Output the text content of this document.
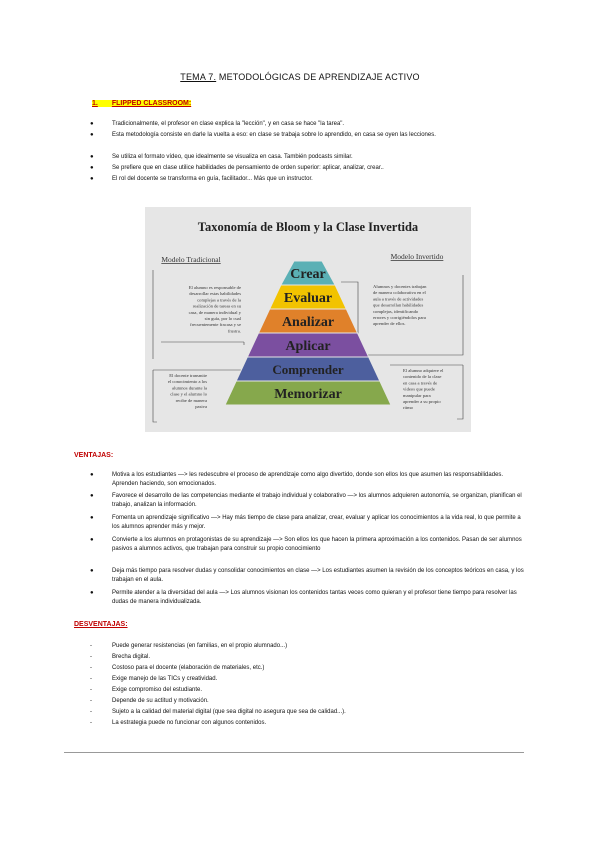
TEMA 7. METODOLÓGICAS DE APRENDIZAJE ACTIVO
1. FLIPPED CLASSROOM:
●	Tradicionalmente, el profesor en clase explica la "lección", y en casa se hace "la tarea".
●	Esta metodología consiste en darle la vuelta a eso: en clase se trabaja sobre lo aprendido, en casa se oyen las lecciones.
●	Se utiliza el formato vídeo, que idealmente se visualiza en casa. También podcasts similar.
●	Se prefiere que en clase utilice habilidades de pensamiento de orden superior: aplicar, analizar, crear..
●	El rol del docente se transforma en guía, facilitador... Más que un instructor.
Taxonomía de Bloom y la Clase Invertida
Modelo Tradicional	Modelo Invertido
El alumno es responsable de
desarrollar estas habilidades
complejas a través de la
realización de tareas en su
casa, de manera individual y
sin guía, por lo cual
frecuentemente fracasa y se
frustra.
El docente transmite
el conocimiento a los
alumnos durante la
clase y el alumno lo
recibe de manera
pasiva
Alumnos y docentes trabajan
de manera colaborativa en el
aula a través de actividades
que desarrollan habilidades
complejas, identificando
errores y corrigiéndolos para
aprender de ellos.
El alumno adquiere el
contenido de la clase
en casa a través de
videos que puede
manipular para
aprender a su propio
ritmo
Crear
Evaluar
Analizar
Aplicar
Comprender
Memorizar
VENTAJAS:
●	Motiva a los estudiantes —> les redescubre el proceso de aprendizaje como algo divertido, donde son ellos los que asumen las responsabilidades. Aprenden haciendo, son emocionados.
●	Favorece el desarrollo de las competencias mediante el trabajo individual y colaborativo —> los alumnos adquieren autonomía, se organizan, planifican el trabajo, analizan la información.
●	Fomenta un aprendizaje significativo —> Hay más tiempo de clase para analizar, crear, evaluar y aplicar los conocimientos a la vida real, lo que permite a los alumnos aprender más y mejor.
●	Convierte a los alumnos en protagonistas de su aprendizaje —> Son ellos los que hacen la primera aproximación a los contenidos. Pasan de ser alumnos pasivos a alumnos activos, que trabajan para construir su propio conocimiento
●	Deja más tiempo para resolver dudas y consolidar conocimientos en clase —> Los estudiantes asumen la revisión de los conceptos teóricos en casa, y los trabajan en el aula.
●	Permite atender a la diversidad del aula —> Los alumnos visionan los contenidos tantas veces como quieran y el profesor tiene tiempo para resolver las dudas de manera individualizada.
DESVENTAJAS:
-	Puede generar resistencias (en familias, en el propio alumnado...)
-	Brecha digital.
-	Costoso para el docente (elaboración de materiales, etc.)
-	Exige manejo de las TICs y creatividad.
-	Exige compromiso del estudiante.
-	Depende de su actitud y motivación.
-	Sujeto a la calidad del material digital (que sea digital no asegura que sea de calidad...).
-	La estrategia puede no funcionar con algunos contenidos.
